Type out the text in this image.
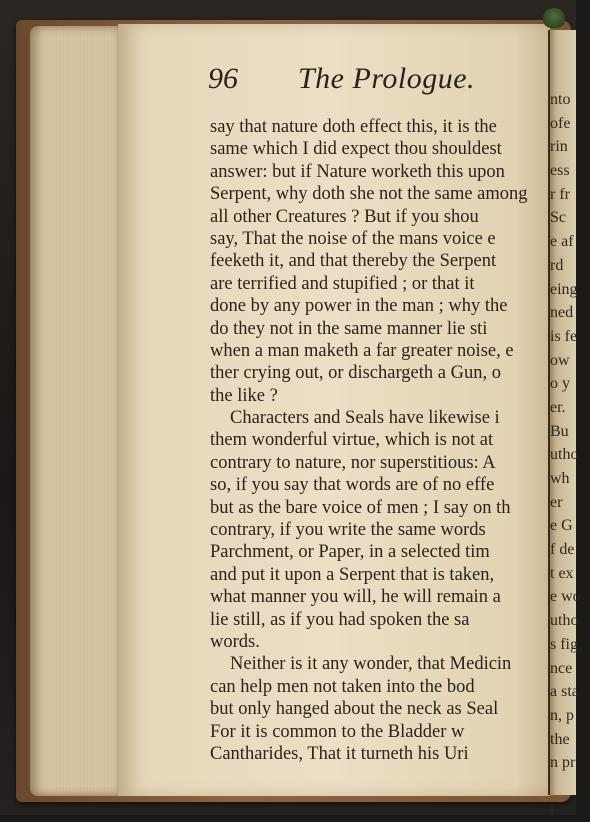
96 The Prologue.
say that nature doth effect this, it is the
same which I did expect thou shouldest
answer: but if Nature worketh this upon
Serpent, why doth she not the same among
all other Creatures ? But if you shou
say, That the noise of the mans voice e
feeketh it, and that thereby the Serpent
are terrified and stupified ; or that it
done by any power in the man ; why the
do they not in the same manner lie sti
when a man maketh a far greater noise, e
ther crying out, or dischargeth a Gun, o
the like ?
Characters and Seals have likewise i
them wonderful virtue, which is not at
contrary to nature, nor superstitious: A
so, if you say that words are of no effe
but as the bare voice of men ; I say on th
contrary, if you write the same words
Parchment, or Paper, in a selected tim
and put it upon a Serpent that is taken,
what manner you will, he will remain a
lie still, as if you had spoken the sa
words.
Neither is it any wonder, that Medicin
can help men not taken into the bod
but only hanged about the neck as Seal
For it is common to the Bladder w
Cantharides, That it turneth his Uri
nto
ofe
rin
ess
r fr
Sc
e af
rd
eing
ned
is fe
ow
o y
er.
Bu
utho
wh
er
e G
f de
t ex
e wo
utho
s fig
nce
a sta
n, p
the
n pr
i
